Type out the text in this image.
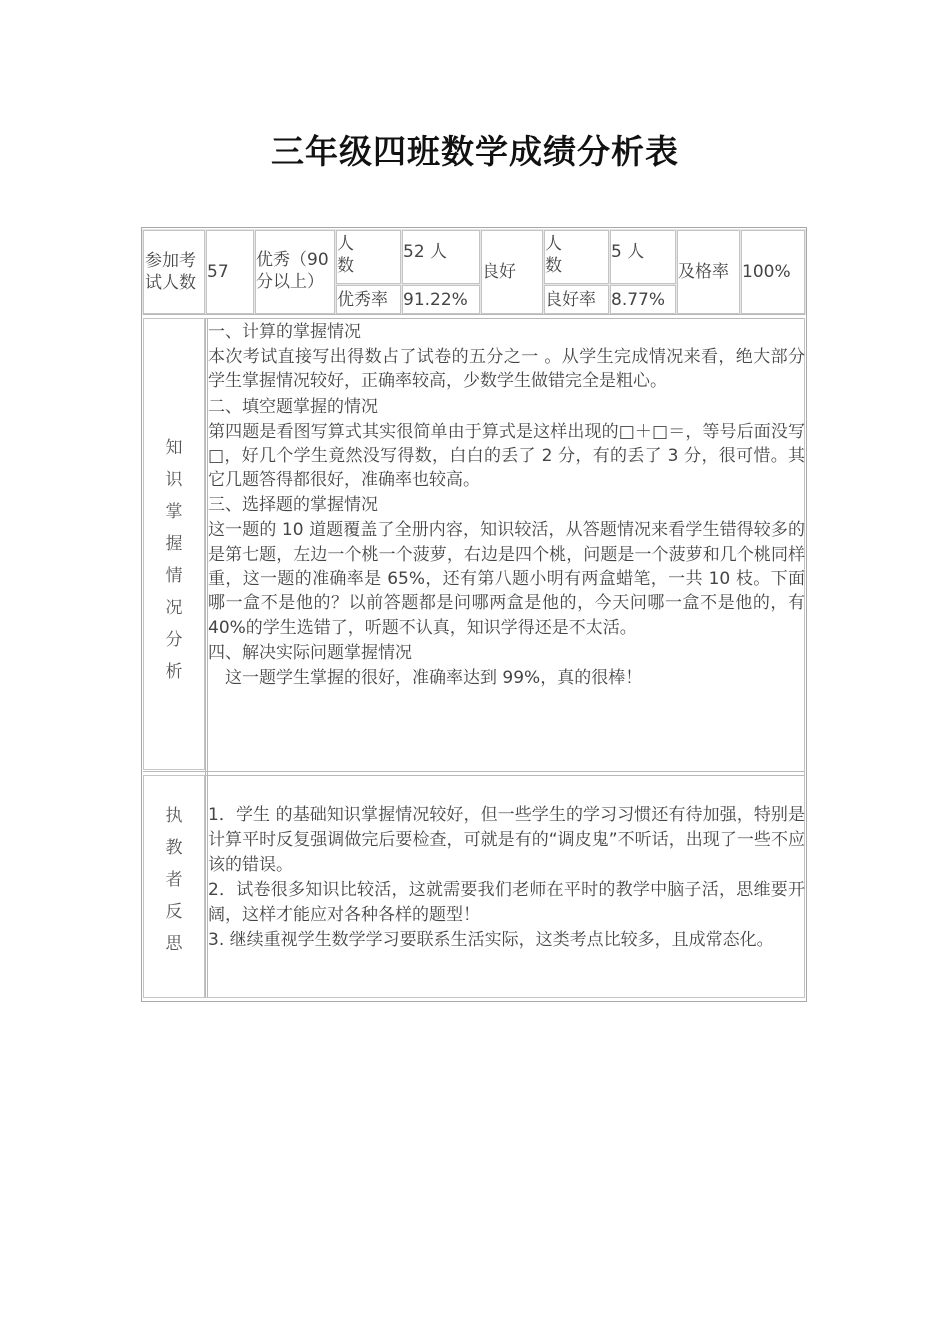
三年级四班数学成绩分析表
参加考试人数
57
优秀（90分以上）
人数
52 人
优秀率 91.22%
良好
人数
5 人
良好率 8.77%
及格率 100%
知
识
掌
握
情
况
分
析

一、计算的掌握情况

本次考试直接写出得数占了试卷的五分之一 。从学生完成情况来看，绝大部分学生掌握情况较好，正确率较高，少数学生做错完全是粗心。

二、填空题掌握的情况

第四题是看图写算式其实很简单由于算式是这样出现的□＋□＝，等号后面没写□，好几个学生竟然没写得数，白白的丢了 2 分，有的丢了 3 分，很可惜。其它几题答得都很好，准确率也较高。

三、选择题的掌握情况

这一题的 10 道题覆盖了全册内容，知识较活，从答题情况来看学生错得较多的是第七题，左边一个桃一个菠萝，右边是四个桃，问题是一个菠萝和几个桃同样重，这一题的准确率是 65%，还有第八题小明有两盒蜡笔，一共 10 枝。下面哪一盒不是他的？以前答题都是问哪两盒是他的，今天问哪一盒不是他的，有 40%的学生选错了，听题不认真，知识学得还是不太活。

四、解决实际问题掌握情况

　这一题学生掌握的很好，准确率达到 99%，真的很棒！

执
教
者
反
思

1．学生 的基础知识掌握情况较好，但一些学生的学习习惯还有待加强，特别是计算平时反复强调做完后要检查，可就是有的“调皮鬼”不听话，出现了一些不应该的错误。

2．试卷很多知识比较活，这就需要我们老师在平时的教学中脑子活，思维要开阔，这样才能应对各种各样的题型！

3. 继续重视学生数学学习要联系生活实际，这类考点比较多，且成常态化。
